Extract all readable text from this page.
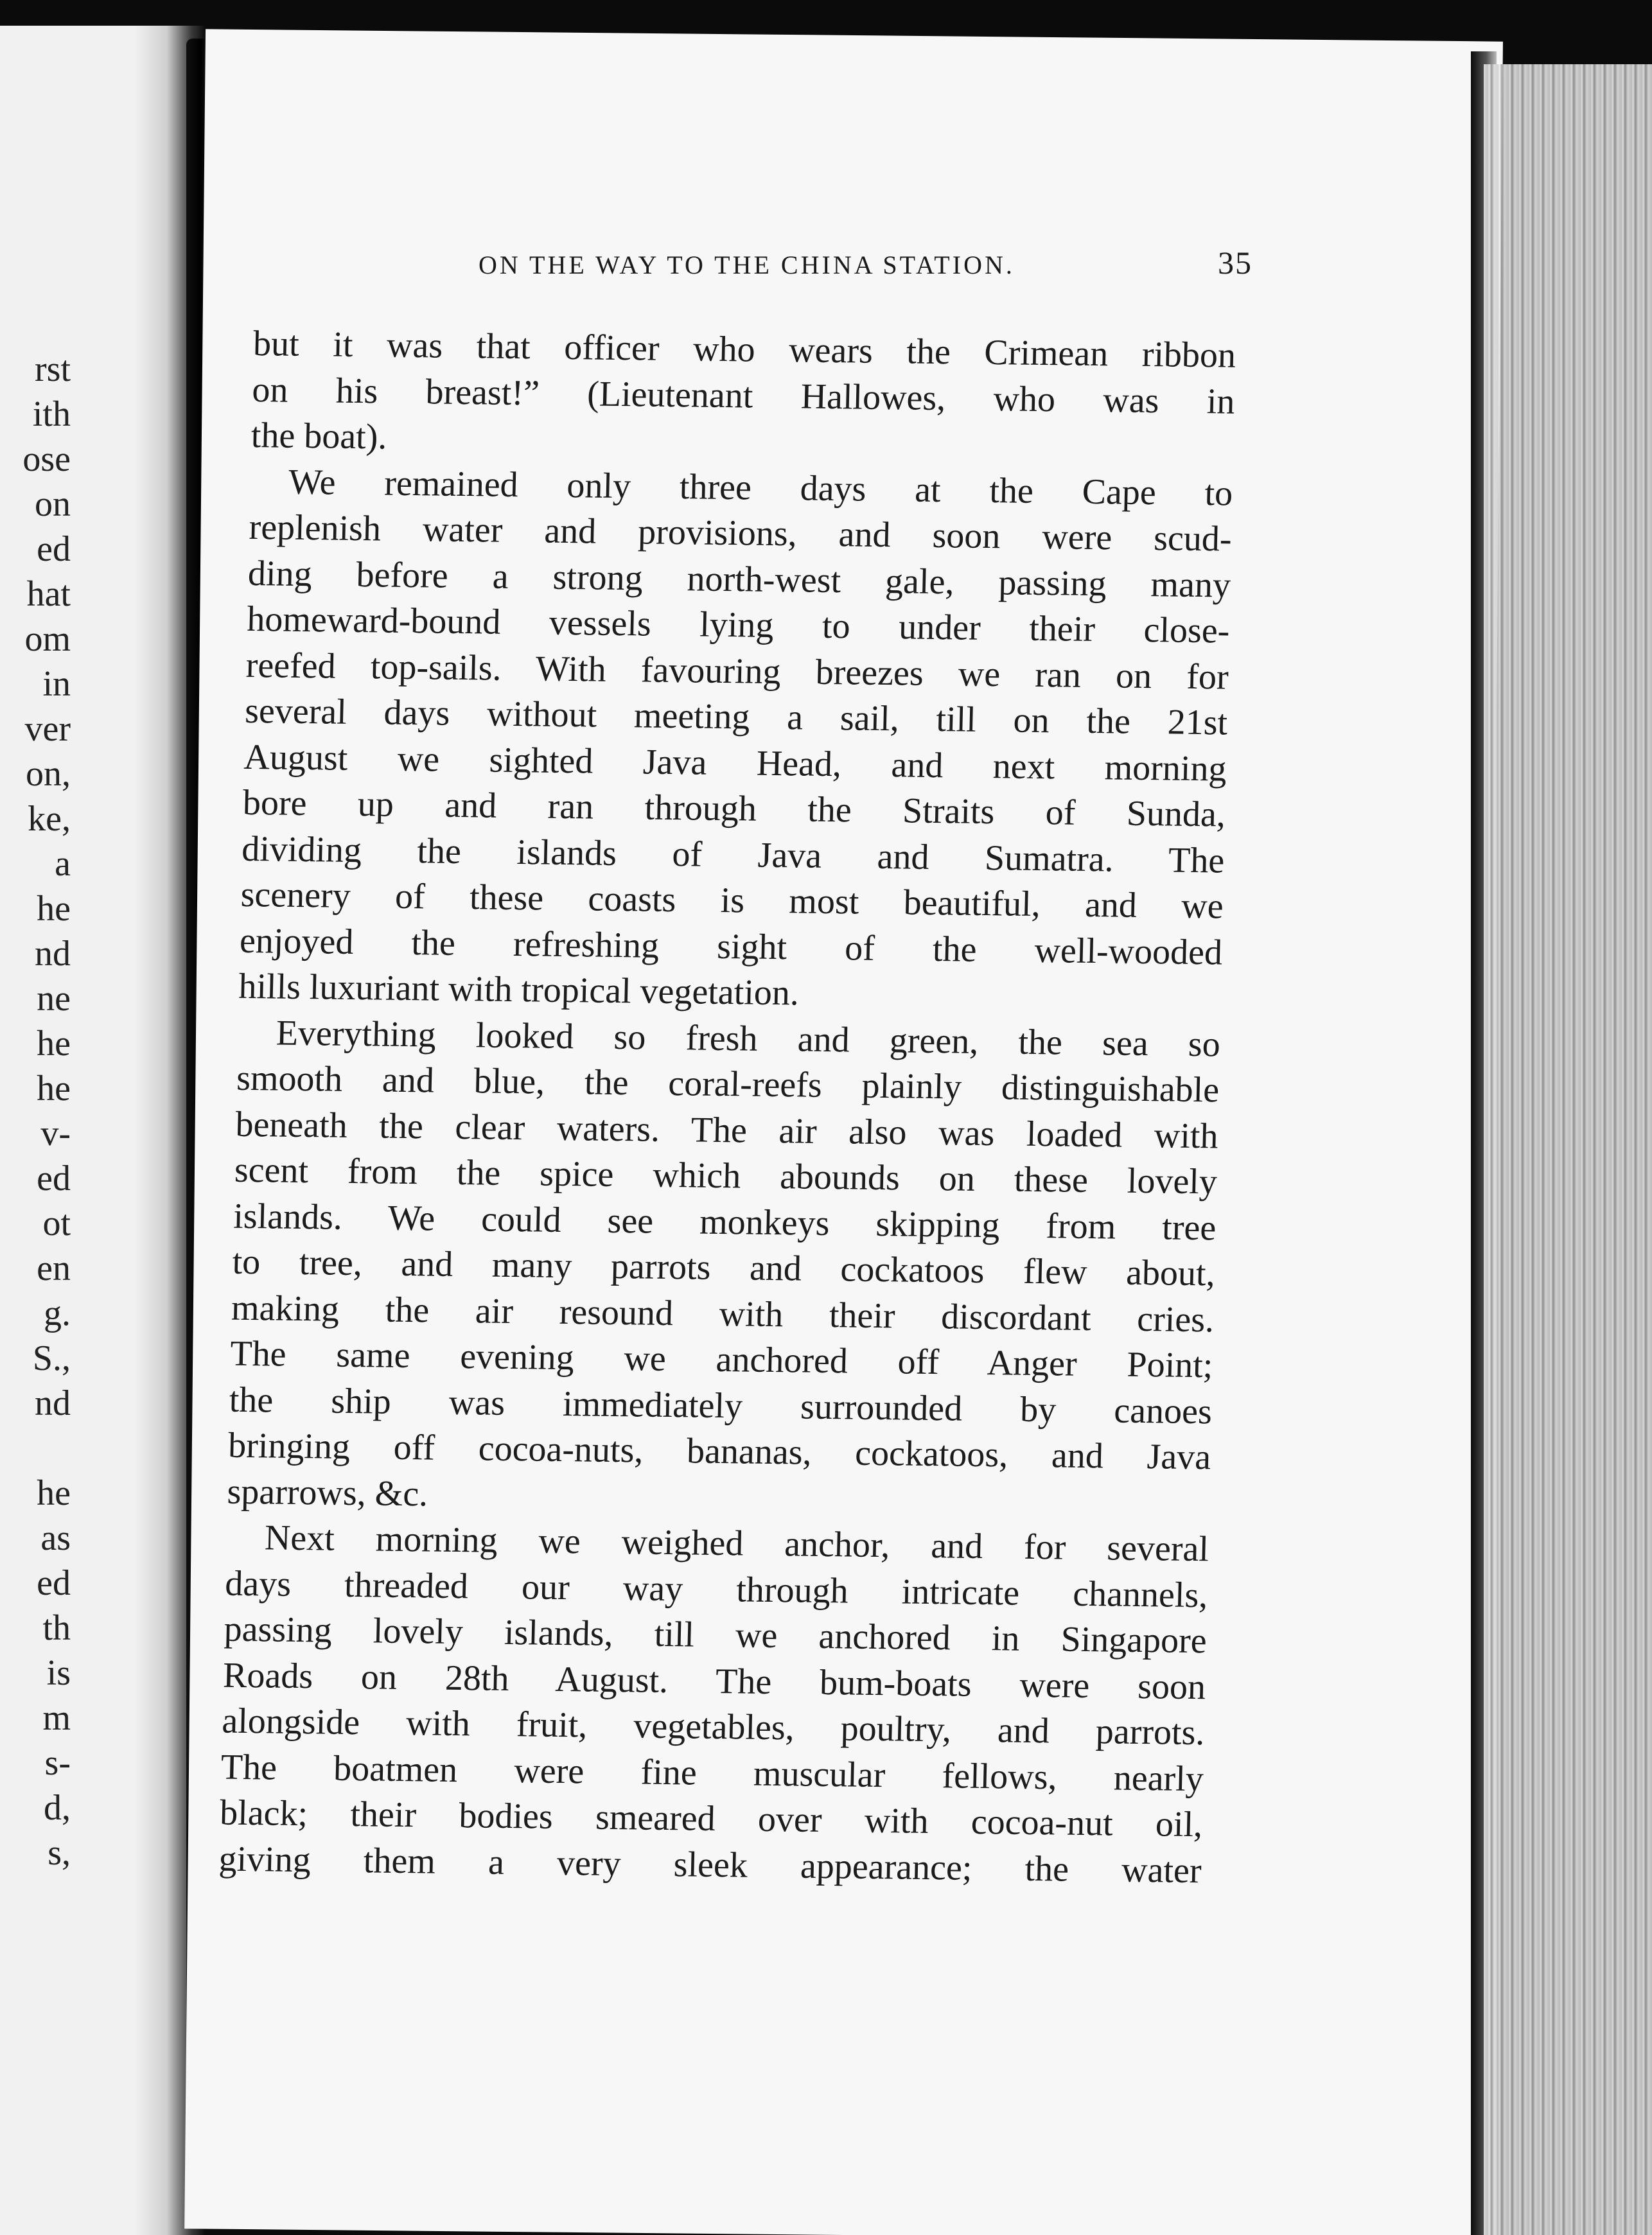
rst
ith
ose
on
ed
hat
om
in
ver
on,
ke,
a
he
nd
ne
he
he
v-
ed
ot
en
g.
S.,
nd
he
as
ed
th
is
m
s-
d,
s,
ON THE WAY TO THE CHINA STATION.	35
but it was that officer who wears the Crimean ribbon
on his breast!” (Lieutenant Hallowes, who was in
the boat).
We remained only three days at the Cape to
replenish water and provisions, and soon were scud-
ding before a strong north-west gale, passing many
homeward-bound vessels lying to under their close-
reefed top-sails. With favouring breezes we ran on for
several days without meeting a sail, till on the 21st
August we sighted Java Head, and next morning
bore up and ran through the Straits of Sunda,
dividing the islands of Java and Sumatra. The
scenery of these coasts is most beautiful, and we
enjoyed the refreshing sight of the well-wooded
hills luxuriant with tropical vegetation.
Everything looked so fresh and green, the sea so
smooth and blue, the coral-reefs plainly distinguishable
beneath the clear waters. The air also was loaded with
scent from the spice which abounds on these lovely
islands. We could see monkeys skipping from tree
to tree, and many parrots and cockatoos flew about,
making the air resound with their discordant cries.
The same evening we anchored off Anger Point;
the ship was immediately surrounded by canoes
bringing off cocoa-nuts, bananas, cockatoos, and Java
sparrows, &c.
Next morning we weighed anchor, and for several
days threaded our way through intricate channels,
passing lovely islands, till we anchored in Singapore
Roads on 28th August. The bum-boats were soon
alongside with fruit, vegetables, poultry, and parrots.
The boatmen were fine muscular fellows, nearly
black; their bodies smeared over with cocoa-nut oil,
giving them a very sleek appearance; the water
